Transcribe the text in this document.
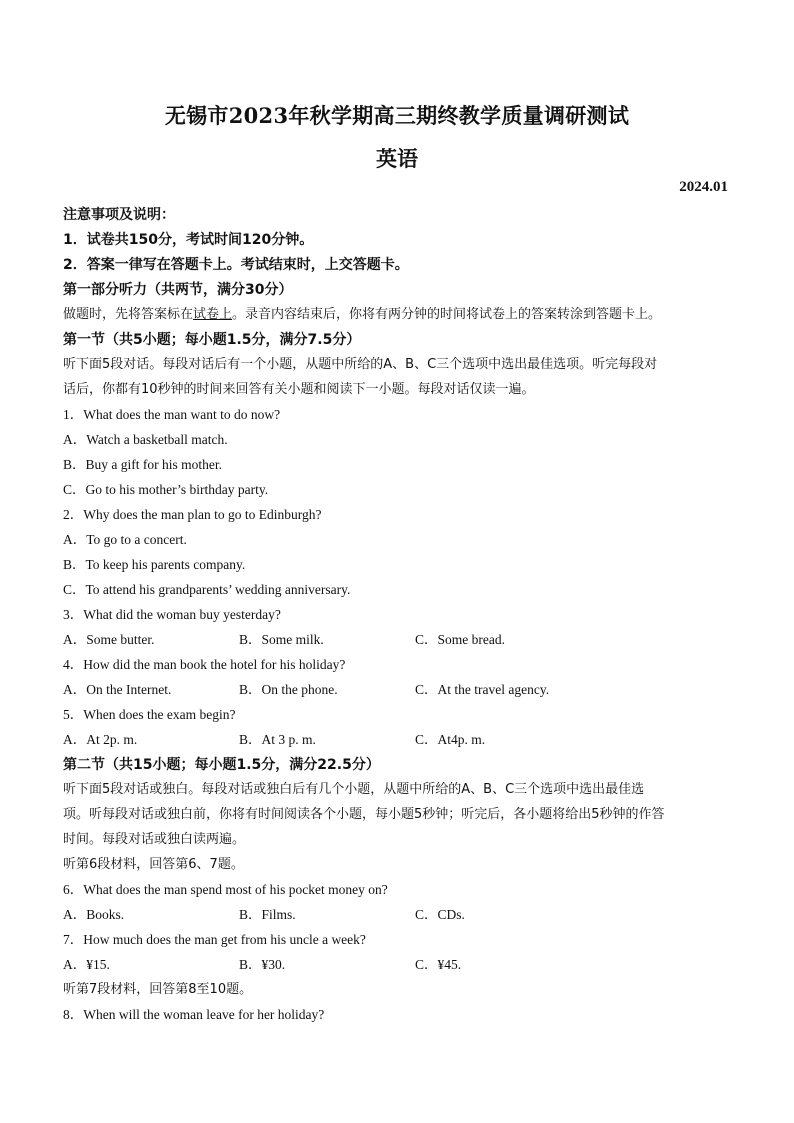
无锡市2023年秋学期高三期终教学质量调研测试
英语
2024.01
注意事项及说明：
1．试卷共150分，考试时间120分钟。
2．答案一律写在答题卡上。考试结束时，上交答题卡。
第一部分听力（共两节，满分30分）
做题时，先将答案标在试卷上。录音内容结束后，你将有两分钟的时间将试卷上的答案转涂到答题卡上。
第一节（共5小题；每小题1.5分，满分7.5分）
听下面5段对话。每段对话后有一个小题，从题中所给的A、B、C三个选项中选出最佳选项。听完每段对
话后，你都有10秒钟的时间来回答有关小题和阅读下一小题。每段对话仅读一遍。
1．What does the man want to do now?
A．Watch a basketball match.
B．Buy a gift for his mother.
C．Go to his mother’s birthday party.
2．Why does the man plan to go to Edinburgh?
A．To go to a concert.
B．To keep his parents company.
C．To attend his grandparents’ wedding anniversary.
3．What did the woman buy yesterday?
A．Some butter.	B．Some milk.	C．Some bread.
4．How did the man book the hotel for his holiday?
A．On the Internet.	B．On the phone.	C．At the travel agency.
5．When does the exam begin?
A．At 2p. m.	B．At 3 p. m.	C．At4p. m.
第二节（共15小题；每小题1.5分，满分22.5分）
听下面5段对话或独白。每段对话或独白后有几个小题，从题中所给的A、B、C三个选项中选出最佳选
项。听每段对话或独白前，你将有时间阅读各个小题，每小题5秒钟；听完后，各小题将给出5秒钟的作答
时间。每段对话或独白读两遍。
听第6段材料，回答第6、7题。
6．What does the man spend most of his pocket money on?
A．Books.	B．Films.	C．CDs.
7．How much does the man get from his uncle a week?
A．¥15.	B．¥30.	C．¥45.
听第7段材料，回答第8至10题。
8．When will the woman leave for her holiday?
